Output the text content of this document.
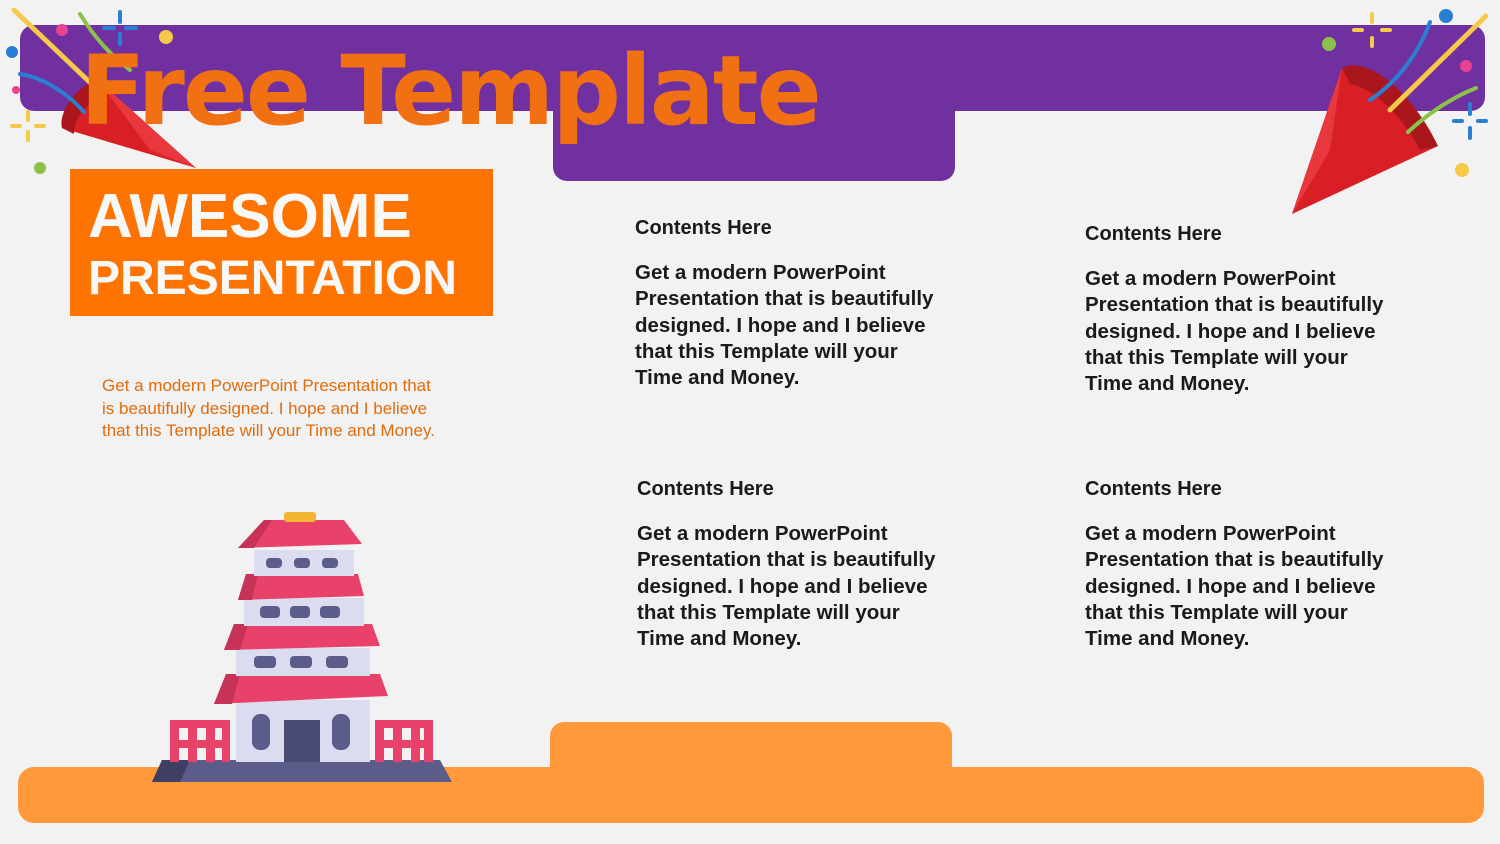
Free Template
AWESOME
PRESENTATION
Get a modern PowerPoint Presentation that is beautifully designed. I hope and I believe that this Template will your Time and Money.
Contents Here
Get a modern PowerPoint Presentation that is beautifully designed. I hope and I believe that this Template will your Time and Money.
Contents Here
Get a modern PowerPoint Presentation that is beautifully designed. I hope and I believe that this Template will your Time and Money.
Contents Here
Get a modern PowerPoint Presentation that is beautifully designed. I hope and I believe that this Template will your Time and Money.
Contents Here
Get a modern PowerPoint Presentation that is beautifully designed. I hope and I believe that this Template will your Time and Money.
